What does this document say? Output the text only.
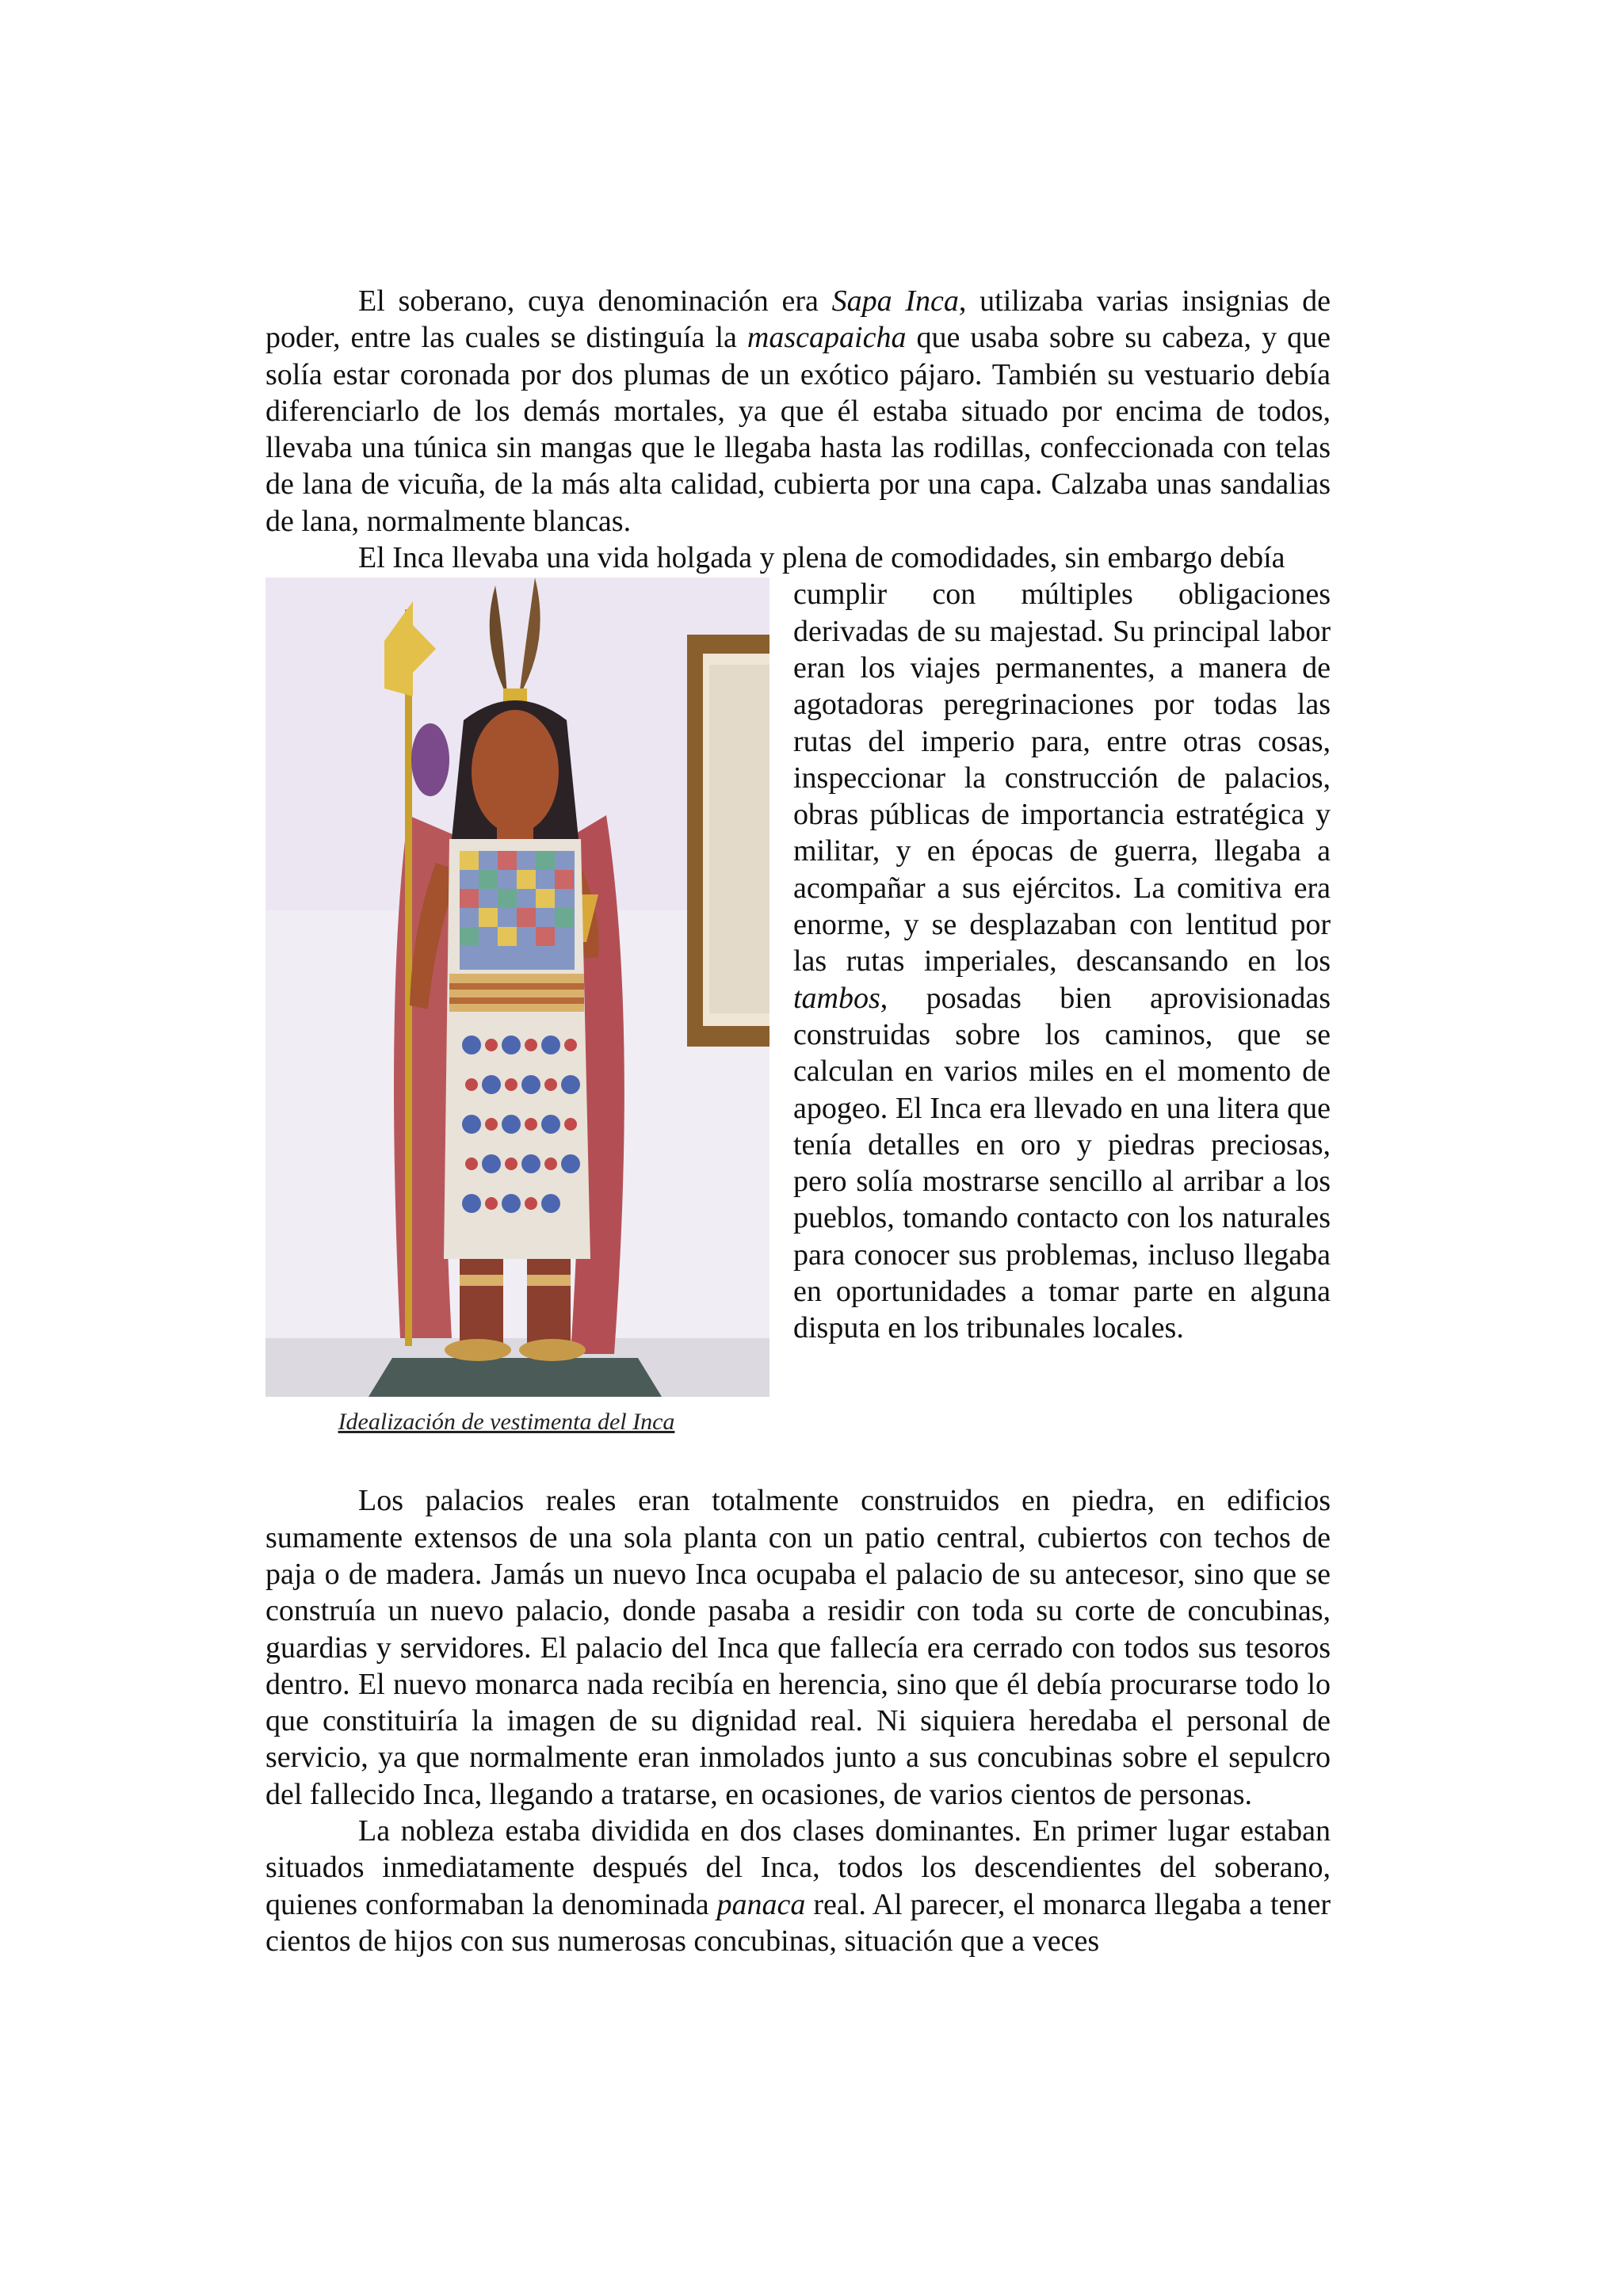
El soberano, cuya denominación era Sapa Inca, utilizaba varias insignias de poder, entre las cuales se distinguía la mascapaicha que usaba sobre su cabeza, y que solía estar coronada por dos plumas de un exótico pájaro. También su vestuario debía diferenciarlo de los demás mortales, ya que él estaba situado por encima de todos, llevaba una túnica sin mangas que le llegaba hasta las rodillas, confeccionada con telas de lana de vicuña, de la más alta calidad, cubierta por una capa. Calzaba unas sandalias de lana, normalmente blancas.

El Inca llevaba una vida holgada y plena de comodidades, sin embargo debía

Idealización de vestimenta del Inca

cumplir con múltiples obligaciones derivadas de su majestad. Su principal labor eran los viajes permanentes, a manera de agotadoras peregrinaciones por todas las rutas del imperio para, entre otras cosas, inspeccionar la construcción de palacios, obras públicas de importancia estratégica y militar, y en épocas de guerra, llegaba a acompañar a sus ejércitos. La comitiva era enorme, y se desplazaban con lentitud por las rutas imperiales, descansando en los tambos, posadas bien aprovisionadas construidas sobre los caminos, que se calculan en varios miles en el momento de apogeo. El Inca era llevado en una litera que tenía detalles en oro y piedras preciosas, pero solía mostrarse sencillo al arribar a los pueblos, tomando contacto con los naturales para conocer sus problemas, incluso llegaba en oportunidades a tomar parte en alguna disputa en los tribunales locales.

Los palacios reales eran totalmente construidos en piedra, en edificios sumamente extensos de una sola planta con un patio central, cubiertos con techos de paja o de madera. Jamás un nuevo Inca ocupaba el palacio de su antecesor, sino que se construía un nuevo palacio, donde pasaba a residir con toda su corte de concubinas, guardias y servidores. El palacio del Inca que fallecía era cerrado con todos sus tesoros dentro. El nuevo monarca nada recibía en herencia, sino que él debía procurarse todo lo que constituiría la imagen de su dignidad real. Ni siquiera heredaba el personal de servicio, ya que normalmente eran inmolados junto a sus concubinas sobre el sepulcro del fallecido Inca, llegando a tratarse, en ocasiones, de varios cientos de personas.

La nobleza estaba dividida en dos clases dominantes. En primer lugar estaban situados inmediatamente después del Inca, todos los descendientes del soberano, quienes conformaban la denominada panaca real. Al parecer, el monarca llegaba a tener cientos de hijos con sus numerosas concubinas, situación que a veces
